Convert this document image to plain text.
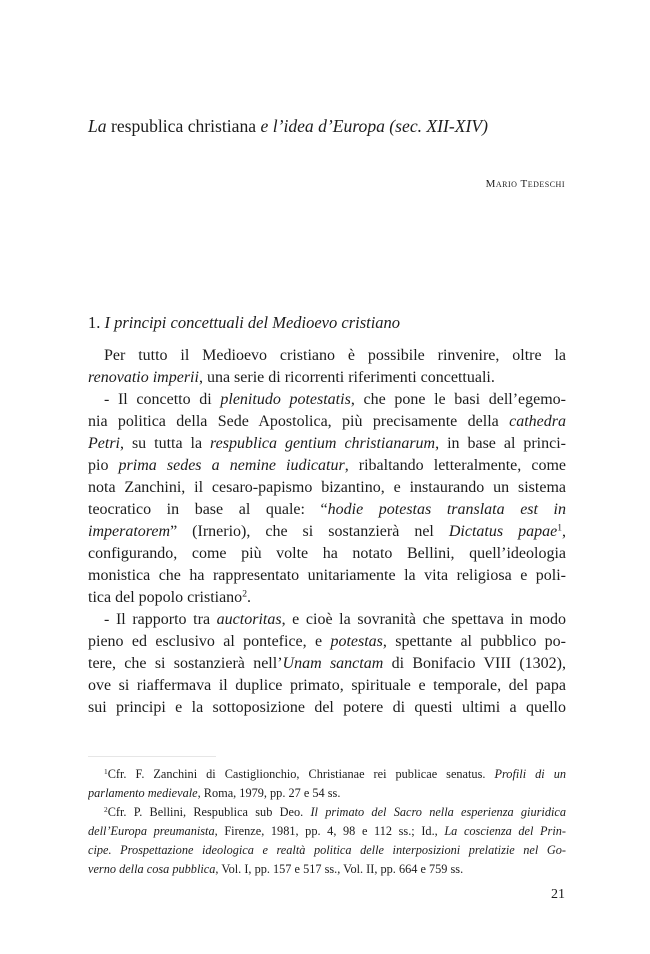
La respublica christiana e l’idea d’Europa (sec. XII-XIV)
Mario Tedeschi
1. I principi concettuali del Medioevo cristiano
Per tutto il Medioevo cristiano è possibile rinvenire, oltre la
renovatio imperii, una serie di ricorrenti riferimenti concettuali.
- Il concetto di plenitudo potestatis, che pone le basi dell’egemo-
nia politica della Sede Apostolica, più precisamente della cathedra
Petri, su tutta la respublica gentium christianarum, in base al princi-
pio prima sedes a nemine iudicatur, ribaltando letteralmente, come
nota Zanchini, il cesaro-papismo bizantino, e instaurando un sistema
teocratico in base al quale: “hodie potestas translata est in
imperatorem” (Irnerio), che si sostanzierà nel Dictatus papae$^1$,
configurando, come più volte ha notato Bellini, quell’ideologia
monistica che ha rappresentato unitariamente la vita religiosa e poli-
tica del popolo cristiano$^2$.
- Il rapporto tra auctoritas, e cioè la sovranità che spettava in modo
pieno ed esclusivo al pontefice, e potestas, spettante al pubblico po-
tere, che si sostanzierà nell’Unam sanctam di Bonifacio VIII (1302),
ove si riaffermava il duplice primato, spirituale e temporale, del papa
sui principi e la sottoposizione del potere di questi ultimi a quello
$^1$Cfr. F. Zanchini di Castiglionchio, Christianae rei publicae senatus. Profili di un
parlamento medievale, Roma, 1979, pp. 27 e 54 ss.
$^2$Cfr. P. Bellini, Respublica sub Deo. Il primato del Sacro nella esperienza giuridica
dell’Europa preumanista, Firenze, 1981, pp. 4, 98 e 112 ss.; Id., La coscienza del Prin-
cipe. Prospettazione ideologica e realtà politica delle interposizioni prelatizie nel Go-
verno della cosa pubblica, Vol. I, pp. 157 e 517 ss., Vol. II, pp. 664 e 759 ss.
21
